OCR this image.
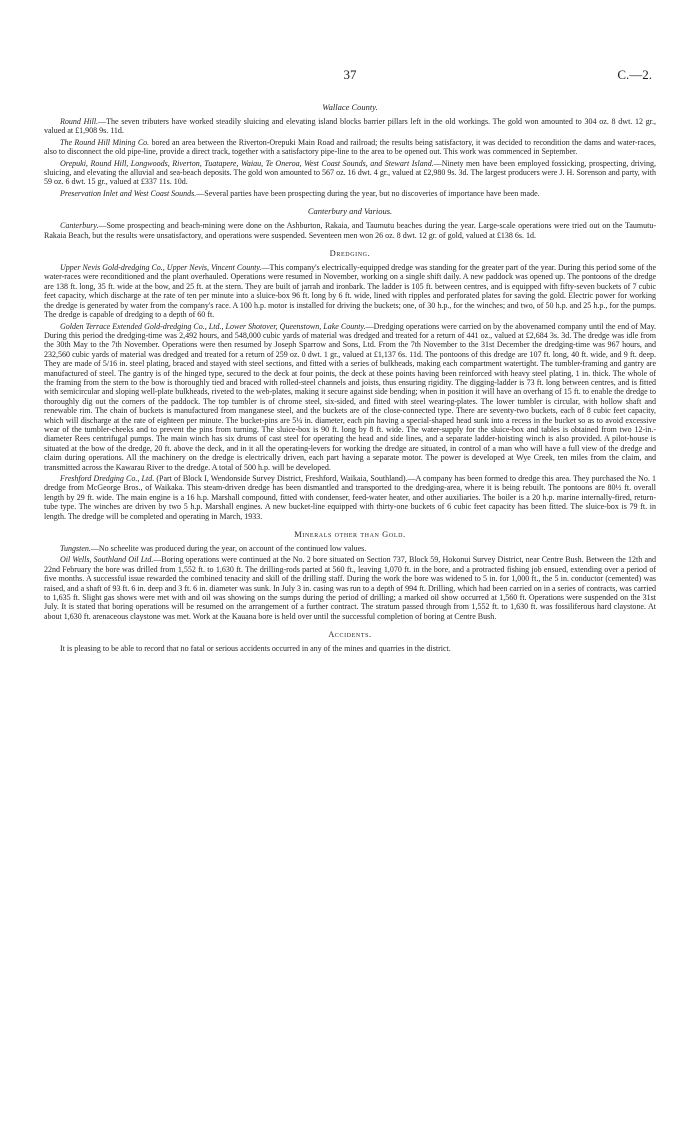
37	C.—2.
Wallace County.

Round Hill.—The seven tributers have worked steadily sluicing and elevating island blocks barrier pillars left in the old workings. The gold won amounted to 304 oz. 8 dwt. 12 gr., valued at £1,908 9s. 11d.

The Round Hill Mining Co. bored an area between the Riverton-Orepuki Main Road and railroad; the results being satisfactory, it was decided to recondition the dams and water-races, also to disconnect the old pipe-line, provide a direct track, together with a satisfactory pipe-line to the area to be opened out. This work was commenced in September.

Orepuki, Round Hill, Longwoods, Riverton, Tuatapere, Waiau, Te Oneroa, West Coast Sounds, and Stewart Island.—Ninety men have been employed fossicking, prospecting, driving, sluicing, and elevating the alluvial and sea-beach deposits. The gold won amounted to 567 oz. 16 dwt. 4 gr., valued at £2,980 9s. 3d. The largest producers were J. H. Sorenson and party, with 59 oz. 6 dwt. 15 gr., valued at £337 11s. 10d.

Preservation Inlet and West Coast Sounds.—Several parties have been prospecting during the year, but no discoveries of importance have been made.

Canterbury and Various.

Canterbury.—Some prospecting and beach-mining were done on the Ashburton, Rakaia, and Taumutu beaches during the year. Large-scale operations were tried out on the Taumutu-Rakaia Beach, but the results were unsatisfactory, and operations were suspended. Seventeen men won 26 oz. 8 dwt. 12 gr. of gold, valued at £138 6s. 1d.

Dredging.

Upper Nevis Gold-dredging Co., Upper Nevis, Vincent County.—This company's electrically-equipped dredge was standing for the greater part of the year. During this period some of the water-races were reconditioned and the plant overhauled. Operations were resumed in November, working on a single shift daily. A new paddock was opened up. The pontoons of the dredge are 138 ft. long, 35 ft. wide at the bow, and 25 ft. at the stern. They are built of jarrah and ironbark. The ladder is 105 ft. between centres, and is equipped with fifty-seven buckets of 7 cubic feet capacity, which discharge at the rate of ten per minute into a sluice-box 96 ft. long by 6 ft. wide, lined with ripples and perforated plates for saving the gold. Electric power for working the dredge is generated by water from the company's race. A 100 h.p. motor is installed for driving the buckets; one, of 30 h.p., for the winches; and two, of 50 h.p. and 25 h.p., for the pumps. The dredge is capable of dredging to a depth of 60 ft.

Golden Terrace Extended Gold-dredging Co., Ltd., Lower Shotover, Queenstown, Lake County.—Dredging operations were carried on by the abovenamed company until the end of May. During this period the dredging-time was 2,492 hours, and 548,000 cubic yards of material was dredged and treated for a return of 441 oz., valued at £2,684 3s. 3d. The dredge was idle from the 30th May to the 7th November. Operations were then resumed by Joseph Sparrow and Sons, Ltd. From the 7th November to the 31st December the dredging-time was 967 hours, and 232,560 cubic yards of material was dredged and treated for a return of 259 oz. 0 dwt. 1 gr., valued at £1,137 6s. 11d. The pontoons of this dredge are 107 ft. long, 40 ft. wide, and 9 ft. deep. They are made of 5/16 in. steel plating, braced and stayed with steel sections, and fitted with a series of bulkheads, making each compartment watertight. The tumbler-framing and gantry are manufactured of steel. The gantry is of the hinged type, secured to the deck at four points, the deck at these points having been reinforced with heavy steel plating, 1 in. thick. The whole of the framing from the stern to the bow is thoroughly tied and braced with rolled-steel channels and joists, thus ensuring rigidity. The digging-ladder is 73 ft. long between centres, and is fitted with semicircular and sloping well-plate bulkheads, riveted to the web-plates, making it secure against side bending; when in position it will have an overhang of 15 ft. to enable the dredge to thoroughly dig out the corners of the paddock. The top tumbler is of chrome steel, six-sided, and fitted with steel wearing-plates. The lower tumbler is circular, with hollow shaft and renewable rim. The chain of buckets is manufactured from manganese steel, and the buckets are of the close-connected type. There are seventy-two buckets, each of 8 cubic feet capacity, which will discharge at the rate of eighteen per minute. The bucket-pins are 5¼ in. diameter, each pin having a special-shaped head sunk into a recess in the bucket so as to avoid excessive wear of the tumbler-cheeks and to prevent the pins from turning. The sluice-box is 90 ft. long by 8 ft. wide. The water-supply for the sluice-box and tables is obtained from two 12-in.-diameter Rees centrifugal pumps. The main winch has six drums of cast steel for operating the head and side lines, and a separate ladder-hoisting winch is also provided. A pilot-house is situated at the bow of the dredge, 20 ft. above the deck, and in it all the operating-levers for working the dredge are situated, in control of a man who will have a full view of the dredge and claim during operations. All the machinery on the dredge is electrically driven, each part having a separate motor. The power is developed at Wye Creek, ten miles from the claim, and transmitted across the Kawarau River to the dredge. A total of 500 h.p. will be developed.

Freshford Dredging Co., Ltd. (Part of Block I, Wendonside Survey District, Freshford, Waikaia, Southland).—A company has been formed to dredge this area. They purchased the No. 1 dredge from McGeorge Bros., of Waikaka. This steam-driven dredge has been dismantled and transported to the dredging-area, where it is being rebuilt. The pontoons are 80½ ft. overall length by 29 ft. wide. The main engine is a 16 h.p. Marshall compound, fitted with condenser, feed-water heater, and other auxiliaries. The boiler is a 20 h.p. marine internally-fired, return-tube type. The winches are driven by two 5 h.p. Marshall engines. A new bucket-line equipped with thirty-one buckets of 6 cubic feet capacity has been fitted. The sluice-box is 79 ft. in length. The dredge will be completed and operating in March, 1933.

Minerals other than Gold.

Tungsten.—No scheelite was produced during the year, on account of the continued low values.

Oil Wells, Southland Oil Ltd.—Boring operations were continued at the No. 2 bore situated on Section 737, Block 59, Hokonui Survey District, near Centre Bush. Between the 12th and 22nd February the bore was drilled from 1,552 ft. to 1,630 ft. The drilling-rods parted at 560 ft., leaving 1,070 ft. in the bore, and a protracted fishing job ensued, extending over a period of five months. A successful issue rewarded the combined tenacity and skill of the drilling staff. During the work the bore was widened to 5 in. for 1,000 ft., the 5 in. conductor (cemented) was raised, and a shaft of 93 ft. 6 in. deep and 3 ft. 6 in. diameter was sunk. In July 3 in. casing was run to a depth of 994 ft. Drilling, which had been carried on in a series of contracts, was carried to 1,635 ft. Slight gas shows were met with and oil was showing on the sumps during the period of drilling; a marked oil show occurred at 1,560 ft. Operations were suspended on the 31st July. It is stated that boring operations will be resumed on the arrangement of a further contract. The stratum passed through from 1,552 ft. to 1,630 ft. was fossiliferous hard claystone. At about 1,630 ft. arenaceous claystone was met. Work at the Kauana bore is held over until the successful completion of boring at Centre Bush.

Accidents.

It is pleasing to be able to record that no fatal or serious accidents occurred in any of the mines and quarries in the district.
